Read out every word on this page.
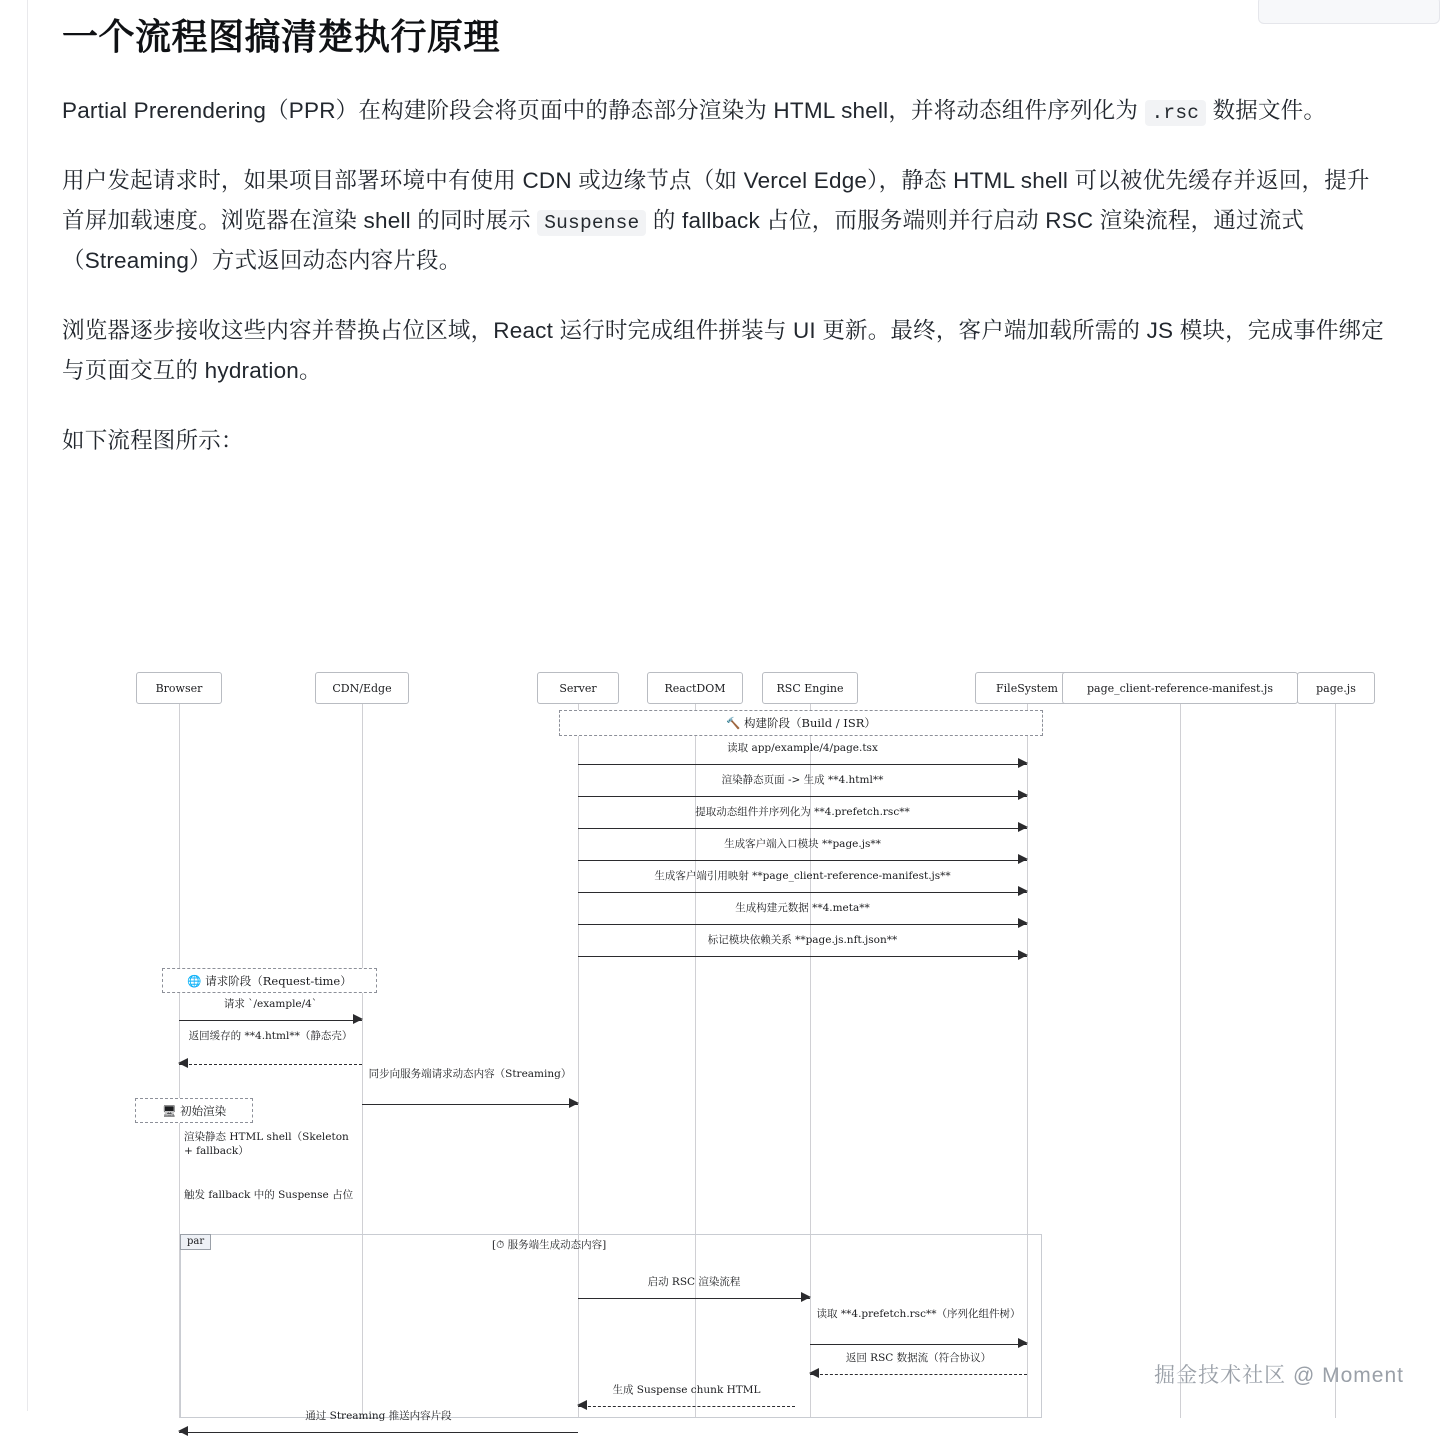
一个流程图搞清楚执行原理

Partial Prerendering（PPR）在构建阶段会将页面中的静态部分渲染为 HTML shell，并将动态组件序列化为 .rsc 数据文件。

用户发起请求时，如果项目部署环境中有使用 CDN 或边缘节点（如 Vercel Edge），静态 HTML shell 可以被优先缓存并返回，提升首屏加载速度。浏览器在渲染 shell 的同时展示 Suspense 的 fallback 占位，而服务端则并行启动 RSC 渲染流程，通过流式（Streaming）方式返回动态内容片段。

浏览器逐步接收这些内容并替换占位区域，React 运行时完成组件拼装与 UI 更新。最终，客户端加载所需的 JS 模块，完成事件绑定与页面交互的 hydration。

如下流程图所示：

Browser	CDN/Edge	Server	ReactDOM	RSC Engine	FileSystem	page_client-reference-manifest.js	page.js
🔨 构建阶段（Build / ISR）
读取 app/example/4/page.tsx
渲染静态页面 -> 生成 **4.html**
提取动态组件并序列化为 **4.prefetch.rsc**
生成客户端入口模块 **page.js**
生成客户端引用映射 **page_client-reference-manifest.js**
生成构建元数据 **4.meta**
标记模块依赖关系 **page.js.nft.json**
🌐 请求阶段（Request-time）
请求 `/example/4`
返回缓存的 **4.html**（静态壳）
同步向服务端请求动态内容（Streaming）
🖥 初始渲染
渲染静态 HTML shell（Skeleton + fallback）
触发 fallback 中的 Suspense 占位
par	[⏱ 服务端生成动态内容]
启动 RSC 渲染流程
读取 **4.prefetch.rsc**（序列化组件树）
返回 RSC 数据流（符合协议）
生成 Suspense chunk HTML
通过 Streaming 推送内容片段
掘金技术社区 @ Moment
